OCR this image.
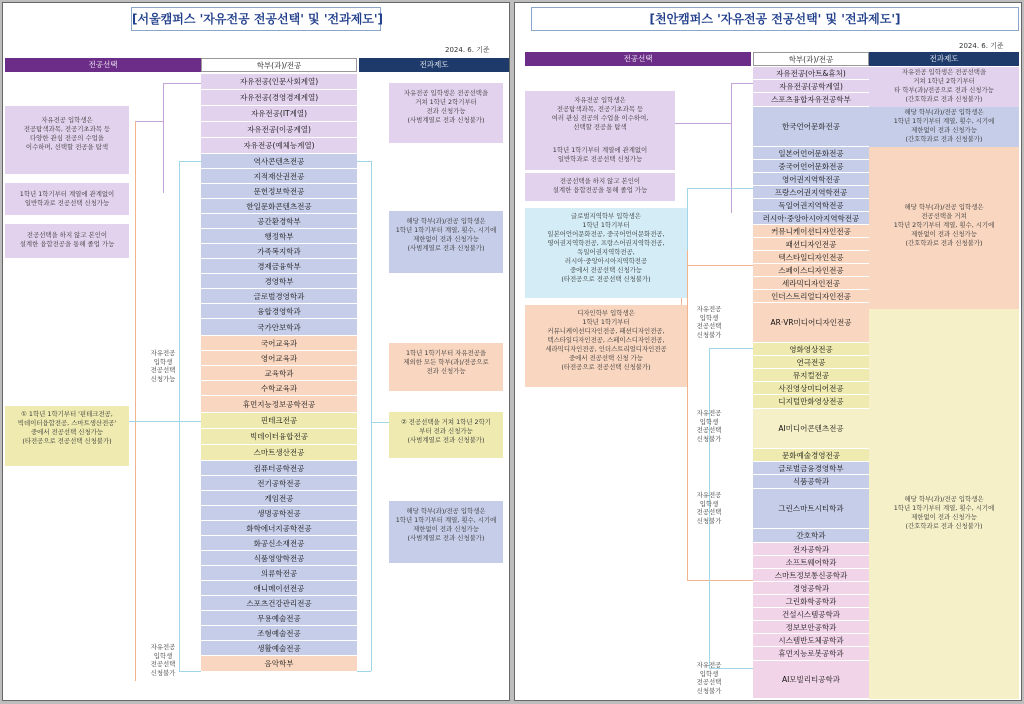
[서울캠퍼스 '자유전공 전공선택' 및 '전과제도']
2024. 6. 기준
전공선택	학부(과)/전공	전과제도
자유전공(인문사회계열)
자유전공(경영경제계열)
자유전공(IT계열)
자유전공(이공계열)
자유전공(예체능계열)
역사콘텐츠전공
지적재산권전공
문헌정보학전공
한일문화콘텐츠전공
공간환경학부
행정학부
가족복지학과
경제금융학부
경영학부
글로벌경영학과
융합경영학과
국가안보학과
국어교육과
영어교육과
교육학과
수학교육과
휴먼지능정보공학전공
핀테크전공
빅데이터융합전공
스마트생산전공
컴퓨터공학전공
전기공학전공
게임전공
생명공학전공
화학에너지공학전공
화공신소재전공
식품영양학전공
의류학전공
애니메이션전공
스포츠건강관리전공
무용예술전공
조형예술전공
생활예술전공
음악학부
자유전공 입학생은
전공탐색과목, 전공기초과목 등
다양한 관심 전공의 수업을
이수하며, 선택할 전공을 탐색
1학년 1학기부터 계열에 관계없이
일반학과로 전공선택 신청가능
전공선택을 하지 않고 본인이
설계한 융합전공을 통해 졸업 가능
자유전공
입학생
전공선택
신청가능
① 1학년 1학기부터 '핀테크전공,
빅데이터융합전공, 스마트생산전공'
중에서 전공선택 신청가능
(타전공으로 전공선택 신청불가)
자유전공
입학생
전공선택
신청불가
자유전공 입학생은 전공선택을
거쳐 1학년 2학기부터
전과 신청가능
(사범계열로 전과 신청불가)
해당 학부(과)/전공 입학생은
1학년 1학기부터 계열, 횟수, 시기에
제한없이 전과 신청가능
(사범계열로 전과 신청불가)
1학년 1학기부터 자유전공을
제외한 모든 학부(과)/전공으로
전과 신청가능
② 전공선택을 거쳐 1학년 2학기
부터 전과 신청가능
(사범계열로 전과 신청불가)
해당 학부(과)/전공 입학생은
1학년 1학기부터 계열, 횟수, 시기에
제한없이 전과 신청가능
(사범계열로 전과 신청불가)
[천안캠퍼스 '자유전공 전공선택' 및 '전과제도']
2024. 6. 기준
전공선택	학부(과)/전공	전과제도
자유전공(아트&휴처)
자유전공(공학계열)
스포츠융합자유전공학부
한국언어문화전공
일본어언어문화전공
중국어언어문화전공
영어권지역학전공
프랑스어권지역학전공
독일어권지역학전공
러시아·중앙아시아지역학전공
커뮤니케이션디자인전공
패션디자인전공
텍스타일디자인전공
스페이스디자인전공
세라믹디자인전공
인더스트리얼디자인전공
AR·VR미디어디자인전공
영화영상전공
연극전공
뮤지컬전공
사진영상미디어전공
디지털만화영상전공
AI미디어콘텐츠전공
문화예술경영전공
글로벌금융경영학부
식품공학과
그린스마트시티학과
간호학과
전자공학과
소프트웨어학과
스마트정보통신공학과
경영공학과
그린화학공학과
건설시스템공학과
정보보안공학과
시스템반도체공학과
휴먼지능로봇공학과
AI모빌리티공학과
자유전공 입학생은
전공탐색과목, 전공기초과목 등
여러 관심 전공의 수업을 이수하여,
선택할 전공을 탐색
1학년 1학기부터 계열에 관계없이
일반학과로 전공선택 신청가능
전공선택을 하지 않고 본인이
설계한 융합전공을 통해 졸업 가능
글로벌지역학부 입학생은
1학년 1학기부터
일본어언어문화전공, 중국어언어문화전공,
영어권지역학전공, 프랑스어권지역학전공,
독일어권지역학전공,
러시아·중앙아시아지역학전공
중에서 전공선택 신청가능
(타전공으로 전공선택 신청불가)
디자인학부 입학생은
1학년 1학기부터
커뮤니케이션디자인전공, 패션디자인전공,
텍스타일디자인전공, 스페이스디자인전공,
세라믹디자인전공, 인더스트리얼디자인전공
중에서 전공선택 신청 가능
(타전공으로 전공선택 신청불가)
자유전공
입학생
전공선택
신청불가
자유전공
입학생
전공선택
신청불가
자유전공
입학생
전공선택
신청불가
자유전공
입학생
전공선택
신청불가
자유전공 입학생은 전공선택을
거쳐 1학년 2학기부터
타 학부(과)/전공으로 전과 신청가능
(간호학과로 전과 신청불가)
해당 학부(과)/전공 입학생은
1학년 1학기부터 계열, 횟수, 시기에
제한없이 전과 신청가능
(간호학과로 전과 신청불가)
해당 학부(과)/전공 입학생은
전공선택을 거쳐
1학년 2학기부터 계열, 횟수, 시기에
제한없이 전과 신청가능
(간호학과로 전과 신청불가)
해당 학부(과)/전공 입학생은
1학년 1학기부터 계열, 횟수, 시기에
제한없이 전과 신청가능
(간호학과로 전과 신청불가)
